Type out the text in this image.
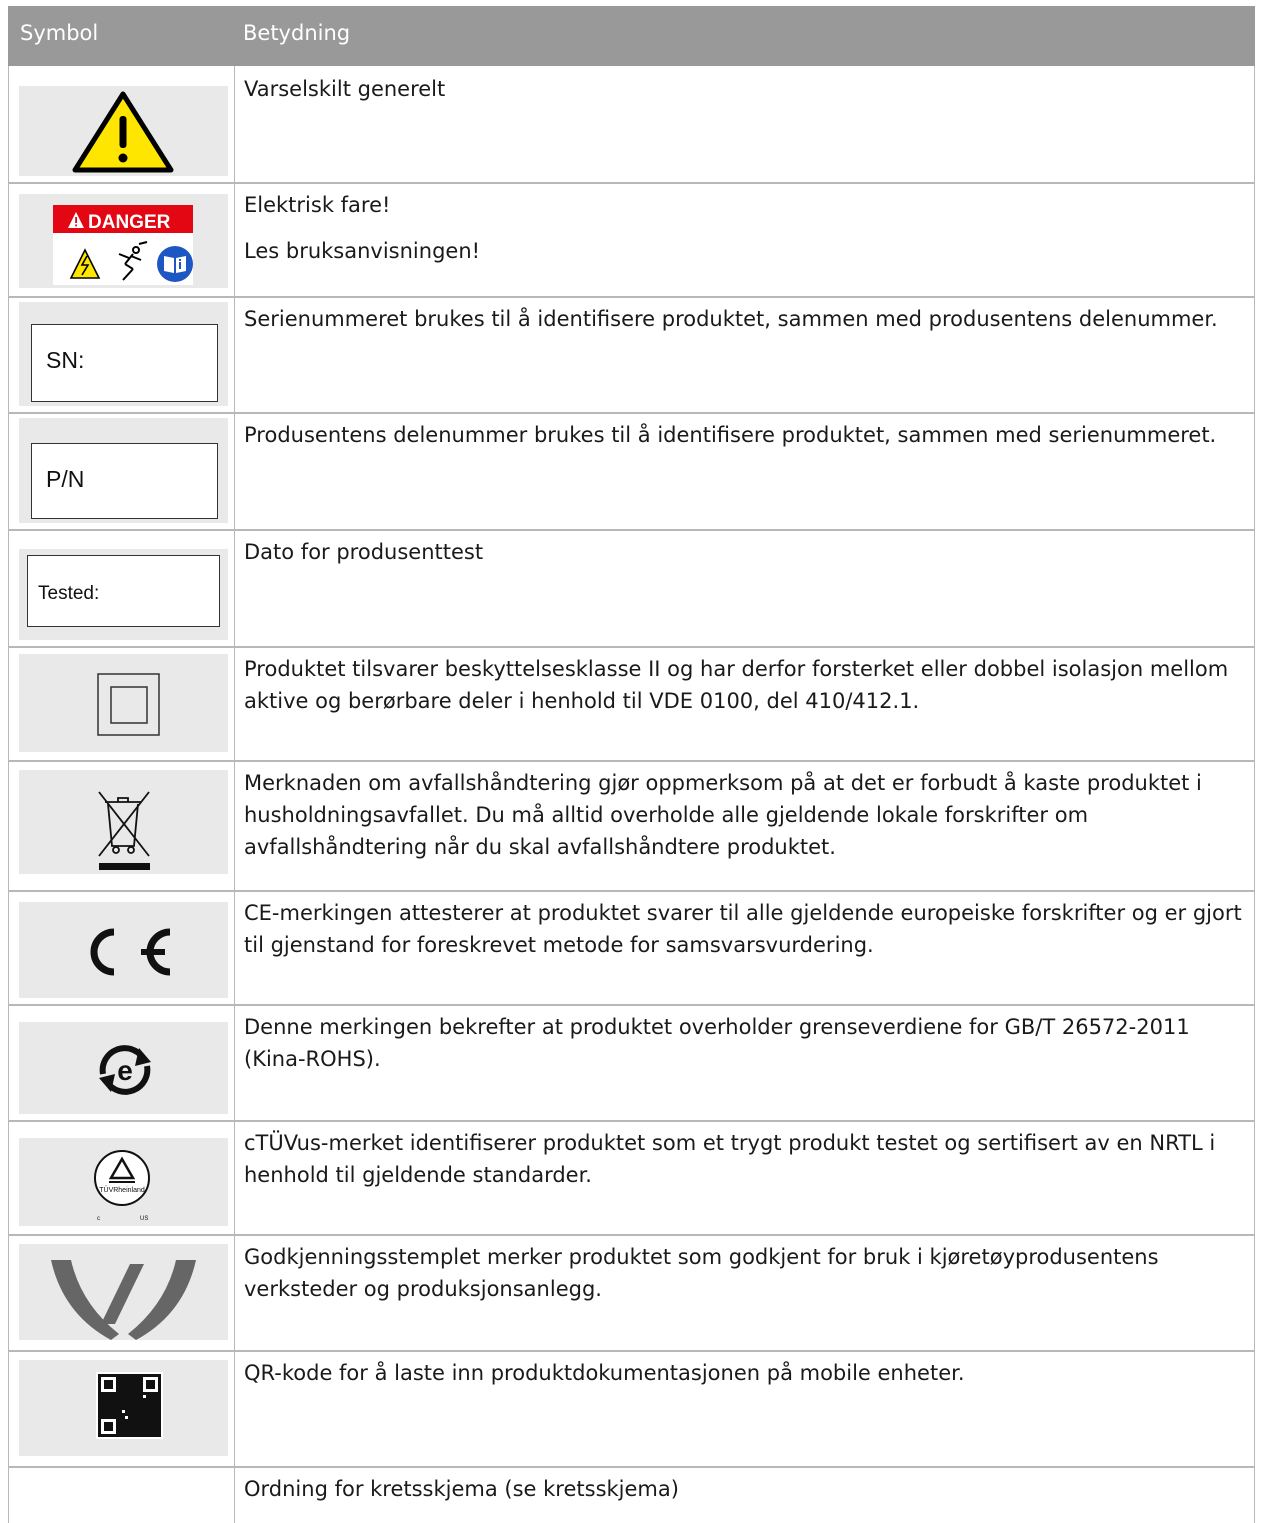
Symbol	Betydning

Varselskilt generelt

DANGER

Elektrisk fare!

Les bruksanvisningen!

SN:

Serienummeret brukes til å identifisere produktet, sammen med produsentens delenummer.

P/N

Produsentens delenummer brukes til å identifisere produktet, sammen med serienummeret.

Tested:

Dato for produsenttest

Produktet tilsvarer beskyttelsesklasse II og har derfor forsterket eller dobbel isolasjon mellom aktive og berørbare deler i henhold til VDE 0100, del 410/412.1.

Merknaden om avfallshåndtering gjør oppmerksom på at det er forbudt å kaste produktet i husholdningsavfallet. Du må alltid overholde alle gjeldende lokale forskrifter om avfallshåndtering når du skal avfallshåndtere produktet.

CE-merkingen attesterer at produktet svarer til alle gjeldende europeiske forskrifter og er gjort til gjenstand for foreskrevet metode for samsvarsvurdering.

e

Denne merkingen bekrefter at produktet overholder grenseverdiene for GB/T 26572-2011 (Kina-ROHS).

TÜVRheinland
c	US

cTÜVus-merket identifiserer produktet som et trygt produkt testet og sertifisert av en NRTL i henhold til gjeldende standarder.

Godkjenningsstemplet merker produktet som godkjent for bruk i kjøretøyprodusentens verksteder og produksjonsanlegg.

QR-kode for å laste inn produktdokumentasjonen på mobile enheter.

Ordning for kretsskjema (se kretsskjema)
